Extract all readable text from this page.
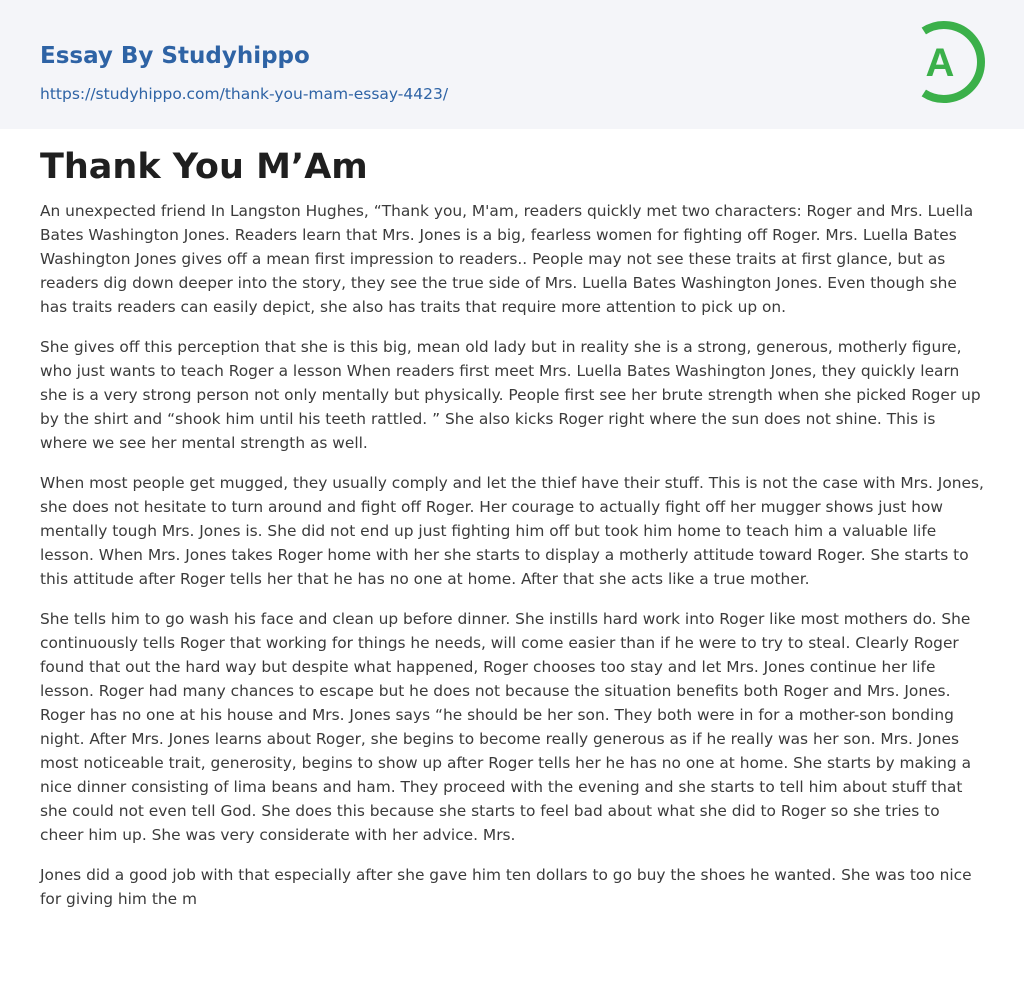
Essay By Studyhippo
https://studyhippo.com/thank-you-mam-essay-4423/
A
Thank You M’Am

An unexpected friend In Langston Hughes, “Thank you, M'am, readers quickly met two characters: Roger and Mrs. Luella Bates Washington Jones. Readers learn that Mrs. Jones is a big, fearless women for fighting off Roger. Mrs. Luella Bates Washington Jones gives off a mean first impression to readers.. People may not see these traits at first glance, but as readers dig down deeper into the story, they see the true side of Mrs. Luella Bates Washington Jones. Even though she has traits readers can easily depict, she also has traits that require more attention to pick up on.

She gives off this perception that she is this big, mean old lady but in reality she is a strong, generous, motherly figure, who just wants to teach Roger a lesson When readers first meet Mrs. Luella Bates Washington Jones, they quickly learn she is a very strong person not only mentally but physically. People first see her brute strength when she picked Roger up by the shirt and “shook him until his teeth rattled. ” She also kicks Roger right where the sun does not shine. This is where we see her mental strength as well.

When most people get mugged, they usually comply and let the thief have their stuff. This is not the case with Mrs. Jones, she does not hesitate to turn around and fight off Roger. Her courage to actually fight off her mugger shows just how mentally tough Mrs. Jones is. She did not end up just fighting him off but took him home to teach him a valuable life lesson. When Mrs. Jones takes Roger home with her she starts to display a motherly attitude toward Roger. She starts to this attitude after Roger tells her that he has no one at home. After that she acts like a true mother.

She tells him to go wash his face and clean up before dinner. She instills hard work into Roger like most mothers do. She continuously tells Roger that working for things he needs, will come easier than if he were to try to steal. Clearly Roger found that out the hard way but despite what happened, Roger chooses too stay and let Mrs. Jones continue her life lesson. Roger had many chances to escape but he does not because the situation benefits both Roger and Mrs. Jones. Roger has no one at his house and Mrs. Jones says “he should be her son. They both were in for a mother-son bonding night. After Mrs. Jones learns about Roger, she begins to become really generous as if he really was her son. Mrs. Jones most noticeable trait, generosity, begins to show up after Roger tells her he has no one at home. She starts by making a nice dinner consisting of lima beans and ham. They proceed with the evening and she starts to tell him about stuff that she could not even tell God. She does this because she starts to feel bad about what she did to Roger so she tries to cheer him up. She was very considerate with her advice. Mrs.

Jones did a good job with that especially after she gave him ten dollars to go buy the shoes he wanted. She was too nice for giving him the m
